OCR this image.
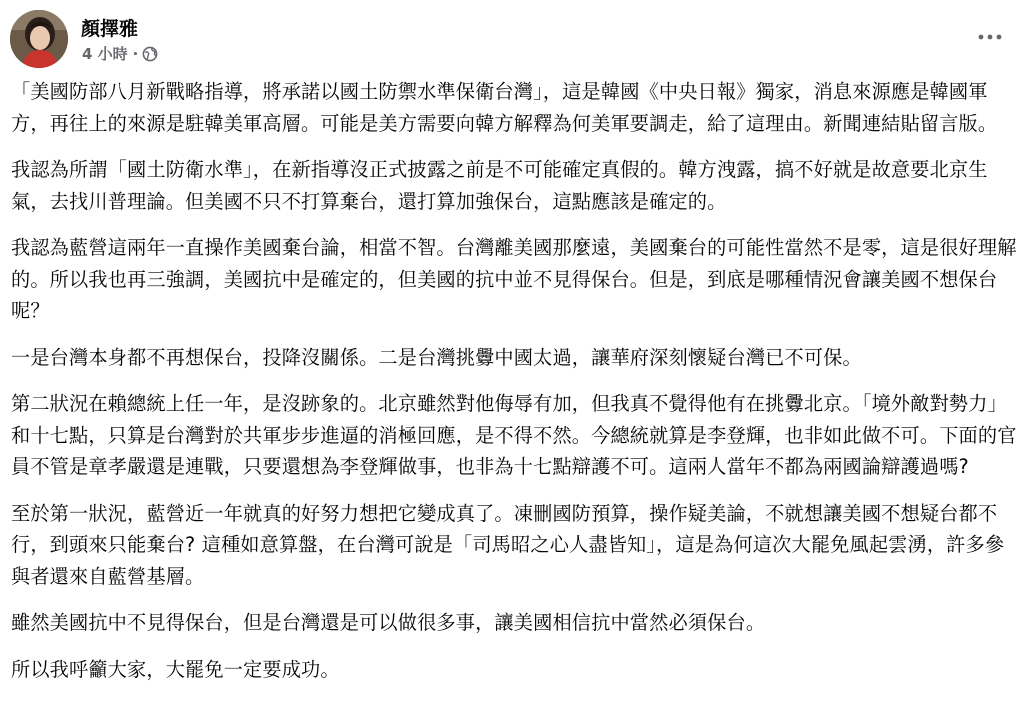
顏擇雅
4 小時 ·

「美國防部八月新戰略指導，將承諾以國土防禦水準保衛台灣」，這是韓國《中央日報》獨家，消息來源應是韓國軍方，再往上的來源是駐韓美軍高層。可能是美方需要向韓方解釋為何美軍要調走，給了這理由。新聞連結貼留言版。

我認為所謂「國土防衛水準」，在新指導沒正式披露之前是不可能確定真假的。韓方洩露，搞不好就是故意要北京生氣，去找川普理論。但美國不只不打算棄台，還打算加強保台，這點應該是確定的。

我認為藍營這兩年一直操作美國棄台論，相當不智。台灣離美國那麼遠，美國棄台的可能性當然不是零，這是很好理解的。所以我也再三強調，美國抗中是確定的，但美國的抗中並不見得保台。但是，到底是哪種情況會讓美國不想保台呢？

一是台灣本身都不再想保台，投降沒關係。二是台灣挑釁中國太過，讓華府深刻懷疑台灣已不可保。

第二狀況在賴總統上任一年，是沒跡象的。北京雖然對他侮辱有加，但我真不覺得他有在挑釁北京。「境外敵對勢力」和十七點，只算是台灣對於共軍步步進逼的消極回應，是不得不然。今總統就算是李登輝，也非如此做不可。下面的官員不管是章孝嚴還是連戰，只要還想為李登輝做事，也非為十七點辯護不可。這兩人當年不都為兩國論辯護過嗎?

至於第一狀況，藍營近一年就真的好努力想把它變成真了。凍刪國防預算，操作疑美論，不就想讓美國不想疑台都不行，到頭來只能棄台? 這種如意算盤，在台灣可說是「司馬昭之心人盡皆知」，這是為何這次大罷免風起雲湧，許多參與者還來自藍營基層。

雖然美國抗中不見得保台，但是台灣還是可以做很多事，讓美國相信抗中當然必須保台。

所以我呼籲大家，大罷免一定要成功。
